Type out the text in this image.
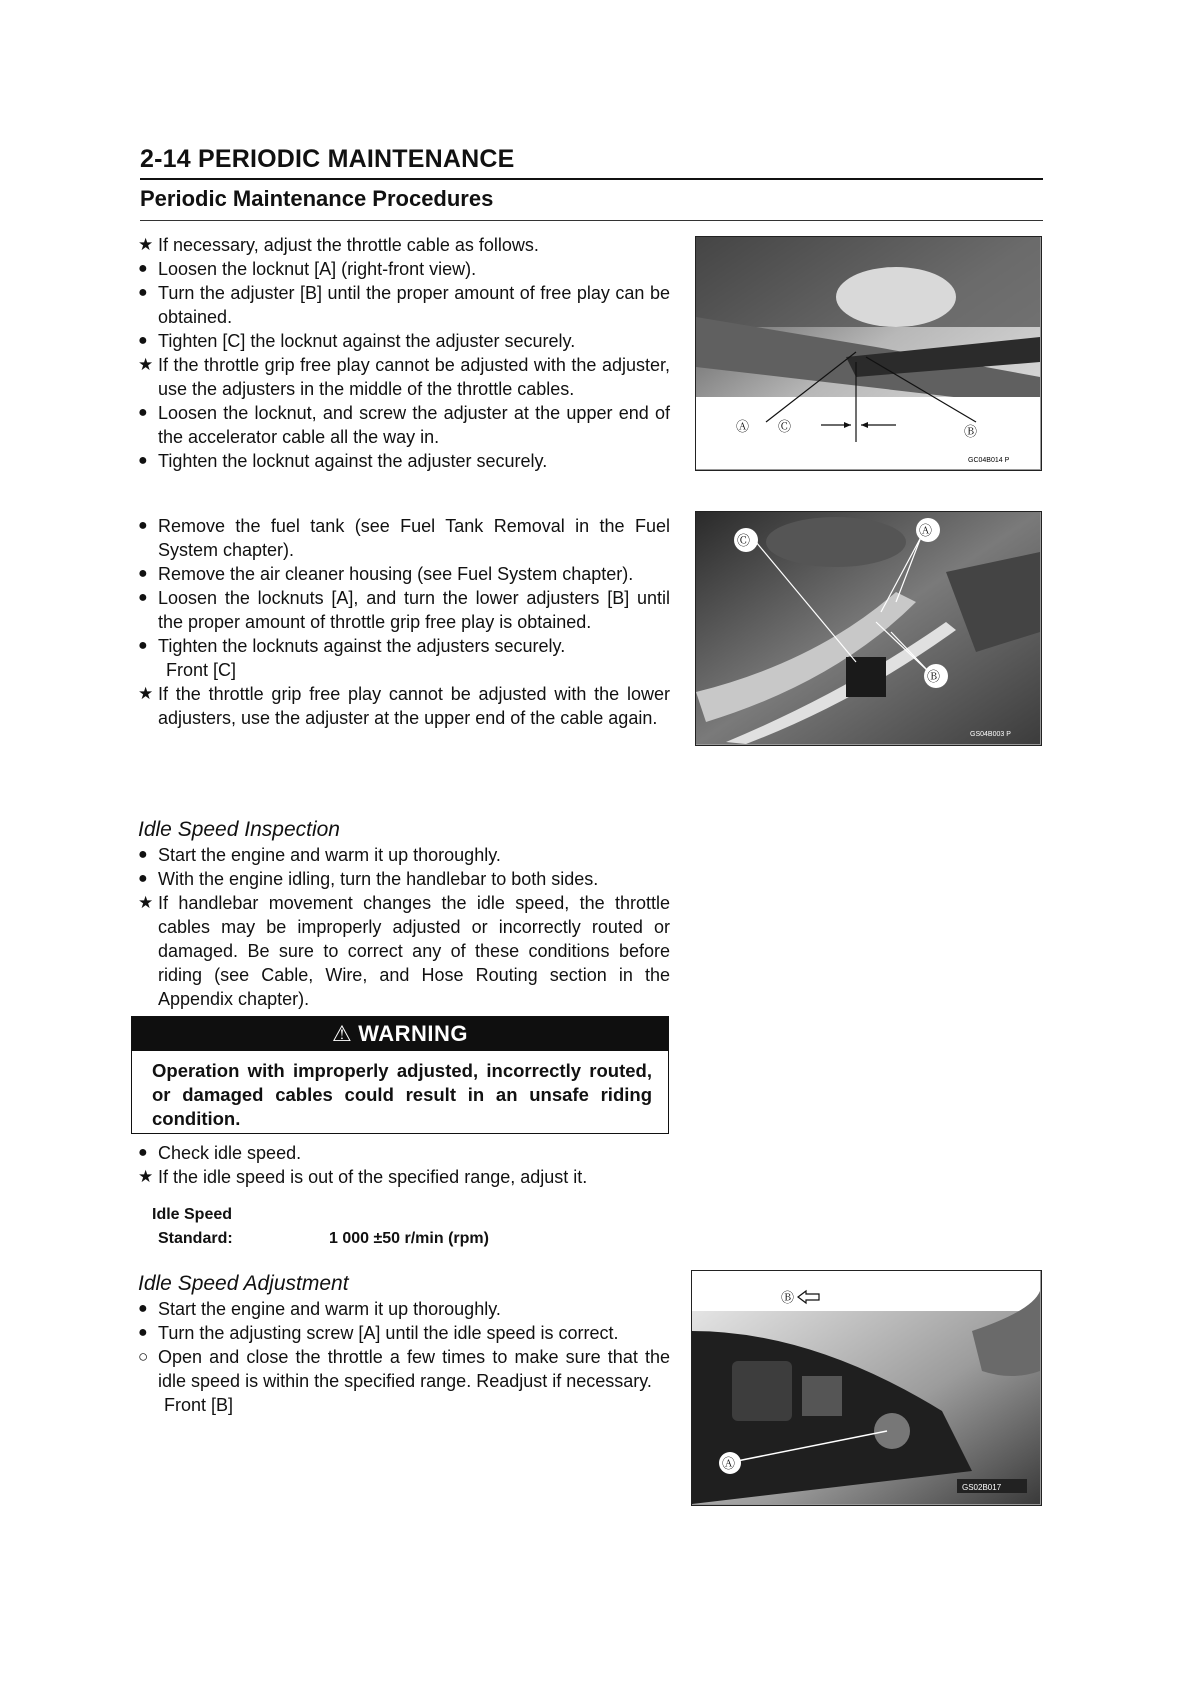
2-14 PERIODIC MAINTENANCE
Periodic Maintenance Procedures
★ If necessary, adjust the throttle cable as follows.
● Loosen the locknut [A] (right-front view).
● Turn the adjuster [B] until the proper amount of free play can be obtained.
● Tighten [C] the locknut against the adjuster securely.
★ If the throttle grip free play cannot be adjusted with the adjuster, use the adjusters in the middle of the throttle cables.
● Loosen the locknut, and screw the adjuster at the upper end of the accelerator cable all the way in.
● Tighten the locknut against the adjuster securely.
● Remove the fuel tank (see Fuel Tank Removal in the Fuel System chapter).
● Remove the air cleaner housing (see Fuel System chapter).
● Loosen the locknuts [A], and turn the lower adjusters [B] until the proper amount of throttle grip free play is obtained.
● Tighten the locknuts against the adjusters securely.
Front [C]
★ If the throttle grip free play cannot be adjusted with the lower adjusters, use the adjuster at the upper end of the cable again.
Idle Speed Inspection
● Start the engine and warm it up thoroughly.
● With the engine idling, turn the handlebar to both sides.
★ If handlebar movement changes the idle speed, the throttle cables may be improperly adjusted or incorrectly routed or damaged. Be sure to correct any of these conditions before riding (see Cable, Wire, and Hose Routing section in the Appendix chapter).
⚠ WARNING
Operation with improperly adjusted, incorrectly routed, or damaged cables could result in an unsafe riding condition.
● Check idle speed.
★ If the idle speed is out of the specified range, adjust it.
Idle Speed
Standard:	1 000 ±50 r/min (rpm)
Idle Speed Adjustment
● Start the engine and warm it up thoroughly.
● Turn the adjusting screw [A] until the idle speed is correct.
○ Open and close the throttle a few times to make sure that the idle speed is within the specified range. Readjust if necessary.
Front [B]
Ⓐ Ⓒ	Ⓑ
GC04B014 P
Ⓒ
Ⓐ
Ⓑ
GS04B003 P
Ⓐ
Ⓑ
GS02B017
